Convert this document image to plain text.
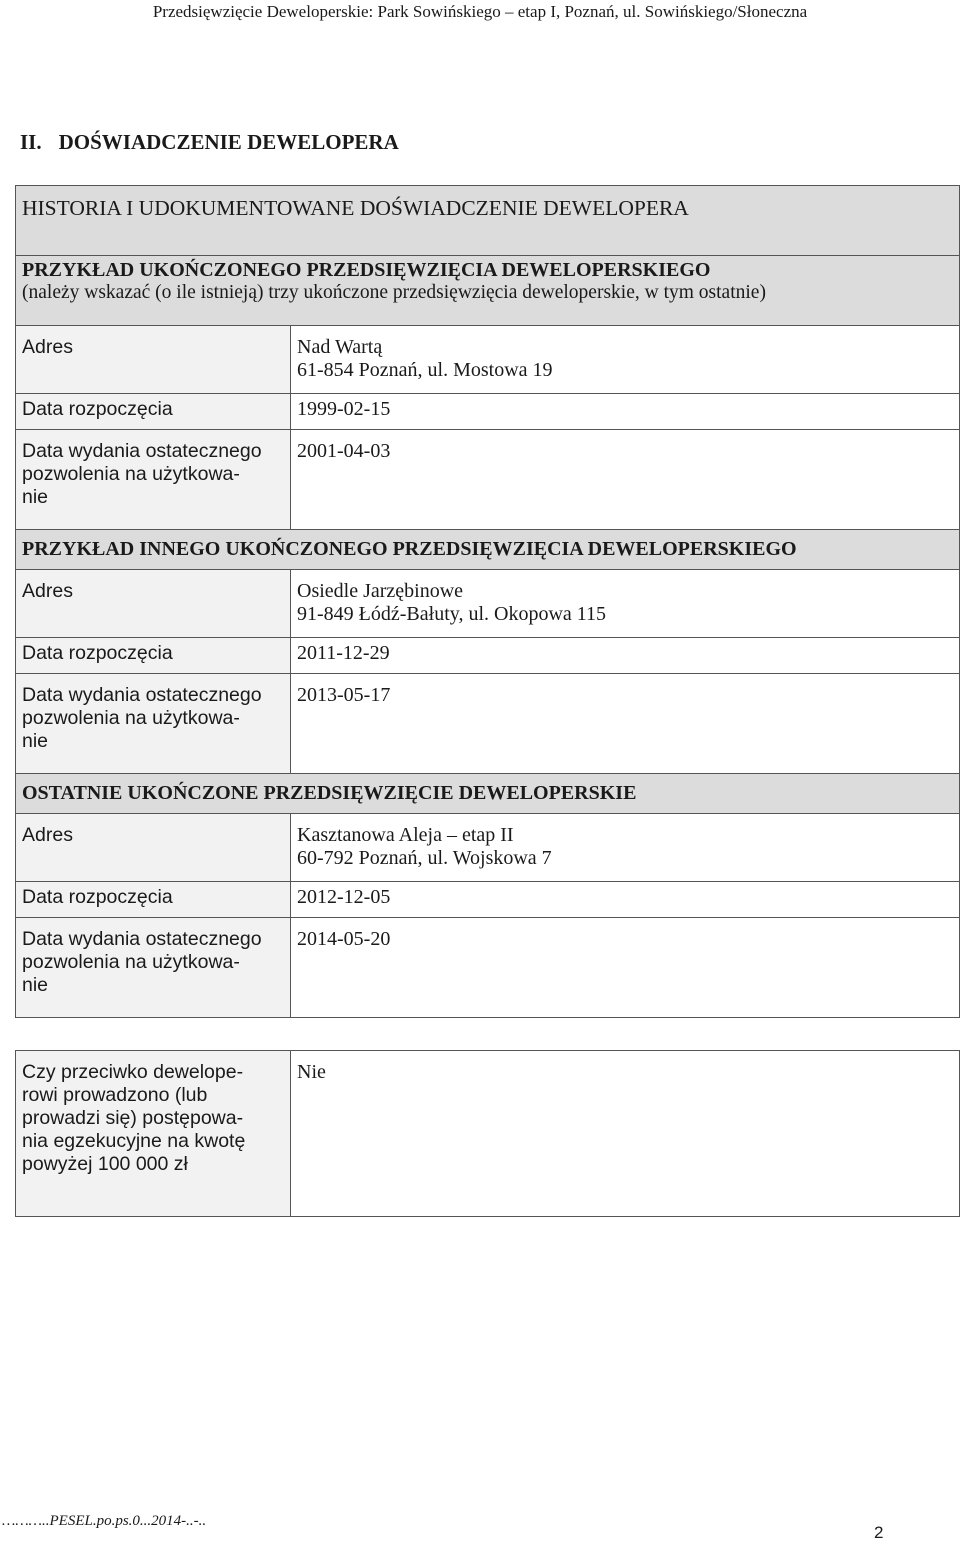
Przedsięwzięcie Deweloperskie: Park Sowińskiego – etap I, Poznań, ul. Sowińskiego/Słoneczna
II. DOŚWIADCZENIE DEWELOPERA
HISTORIA I UDOKUMENTOWANE DOŚWIADCZENIE DEWELOPERA	

PRZYKŁAD UKOŃCZONEGO PRZEDSIĘWZIĘCIA DEWELOPERSKIEGO
(należy wskazać (o ile istnieją) trzy ukończone przedsięwzięcia deweloperskie, w tym ostatnie)	

Adres	Nad Wartą
61-854 Poznań, ul. Mostowa 19

Data rozpoczęcia	1999-02-15

Data wydania ostatecznego
pozwolenia na użytkowa-
nie	2001-04-03

PRZYKŁAD INNEGO UKOŃCZONEGO PRZEDSIĘWZIĘCIA DEWELOPERSKIEGO	

Adres	Osiedle Jarzębinowe
91-849 Łódź-Bałuty, ul. Okopowa 115

Data rozpoczęcia	2011-12-29

Data wydania ostatecznego
pozwolenia na użytkowa-
nie	2013-05-17

OSTATNIE UKOŃCZONE PRZEDSIĘWZIĘCIE DEWELOPERSKIE	

Adres	Kasztanowa Aleja – etap II
60-792 Poznań, ul. Wojskowa 7

Data rozpoczęcia	2012-12-05

Data wydania ostatecznego
pozwolenia na użytkowa-
nie	2014-05-20
Czy przeciwko dewelope-
rowi prowadzono (lub
prowadzi się) postępowa-
nia egzekucyjne na kwotę
powyżej 100 000 zł
	Nie
………..PESEL.po.ps.0...2014-..-..
2
